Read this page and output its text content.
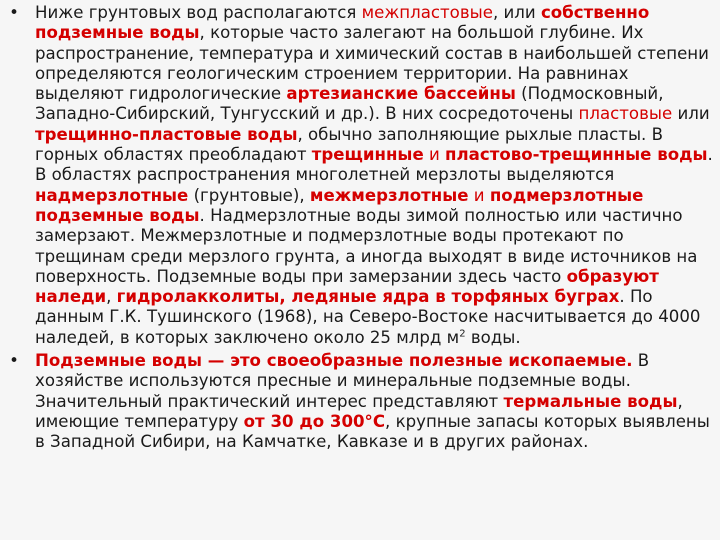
• Ниже грунтовых вод располагаются межпластовые, или собственно подземные воды, которые часто залегают на большой глубине. Их распространение, температура и химический состав в наибольшей степени определяются геологическим строением территории. На равнинах выделяют гидрологические артезианские бассейны (Подмосковный, Западно-Сибирский, Тунгусский и др.). В них сосредоточены пластовые или трещинно-пластовые воды, обычно заполняющие рыхлые пласты. В горных областях преобладают трещинные и пластово-трещинные воды. В областях распространения многолетней мерзлоты выделяются надмерзлотные (грунтовые), межмерзлотные и подмерзлотные подземные воды. Надмерзлотные воды зимой полностью или частично замерзают. Межмерзлотные и подмерзлотные воды протекают по трещинам среди мерзлого грунта, а иногда выходят в виде источников на поверхность. Подземные воды при замерзании здесь часто образуют наледи, гидролакколиты, ледяные ядра в торфяных буграх. По данным Г.К. Тушинского (1968), на Северо-Востоке насчитывается до 4000 наледей, в которых заключено около 25 млрд $м^2$ воды.
• Подземные воды — это своеобразные полезные ископаемые. В хозяйстве используются пресные и минеральные подземные воды. Значительный практический интерес представляют термальные воды, имеющие температуру от 30 до 300°С, крупные запасы которых выявлены в Западной Сибири, на Камчатке, Кавказе и в других районах.
